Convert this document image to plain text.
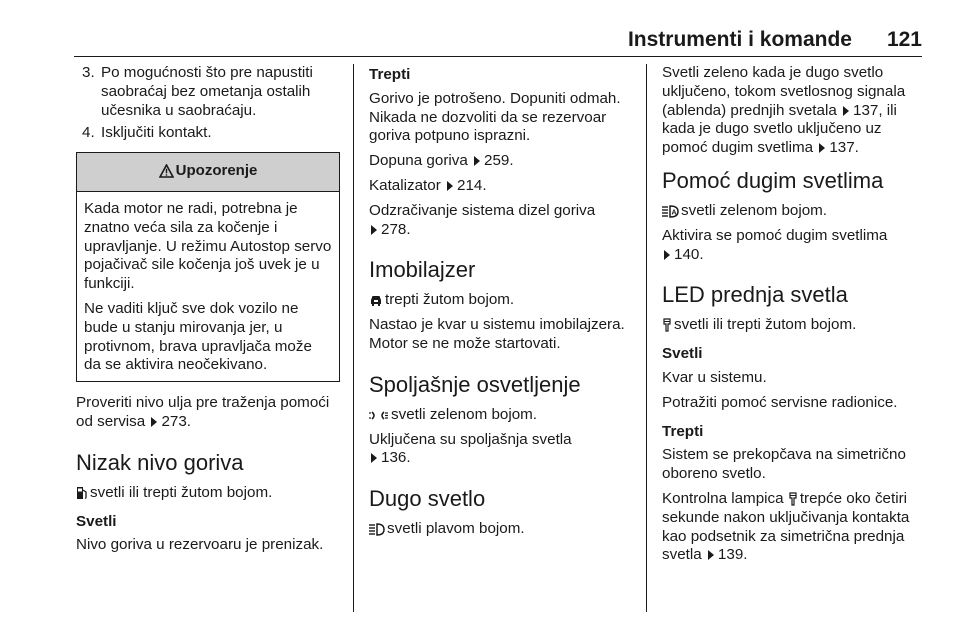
Instrumenti i komande 121
3. Po mogućnosti što pre napustiti saobraćaj bez ometanja ostalih učesnika u saobraćaju.
4. Isključiti kontakt.
Upozorenje

Kada motor ne radi, potrebna je znatno veća sila za kočenje i upravljanje. U režimu Autostop servo pojačivač sile kočenja još uvek je u funkciji.

Ne vaditi ključ sve dok vozilo ne bude u stanju mirovanja jer, u protivnom, brava upravljača može da se aktivira neočekivano.

Proveriti nivo ulja pre traženja pomoći od servisa 273.

Nizak nivo goriva

svetli ili trepti žutom bojom.

Svetli

Nivo goriva u rezervoaru je prenizak.

Trepti

Gorivo je potrošeno. Dopuniti odmah. Nikada ne dozvoliti da se rezervoar goriva potpuno isprazni.

Dopuna goriva 259.

Katalizator 214.

Odzračivanje sistema dizel goriva
278.

Imobilajzer

trepti žutom bojom.

Nastao je kvar u sistemu imobilajzera. Motor se ne može startovati.

Spoljašnje osvetljenje

svetli zelenom bojom.

Uključena su spoljašnja svetla
136.

Dugo svetlo

svetli plavom bojom.

Svetli zeleno kada je dugo svetlo uključeno, tokom svetlosnog signala (ablenda) prednjih svetala 137, ili kada je dugo svetlo uključeno uz pomoć dugim svetlima 137.

Pomoć dugim svetlima

A svetli zelenom bojom.

Aktivira se pomoć dugim svetlima
140.

LED prednja svetla

svetli ili trepti žutom bojom.

Svetli

Kvar u sistemu.

Potražiti pomoć servisne radionice.

Trepti

Sistem se prekopčava na simetrično oboreno svetlo.

Kontrolna lampica trepće oko četiri sekunde nakon uključivanja kontakta kao podsetnik za simetrična prednja svetla 139.
